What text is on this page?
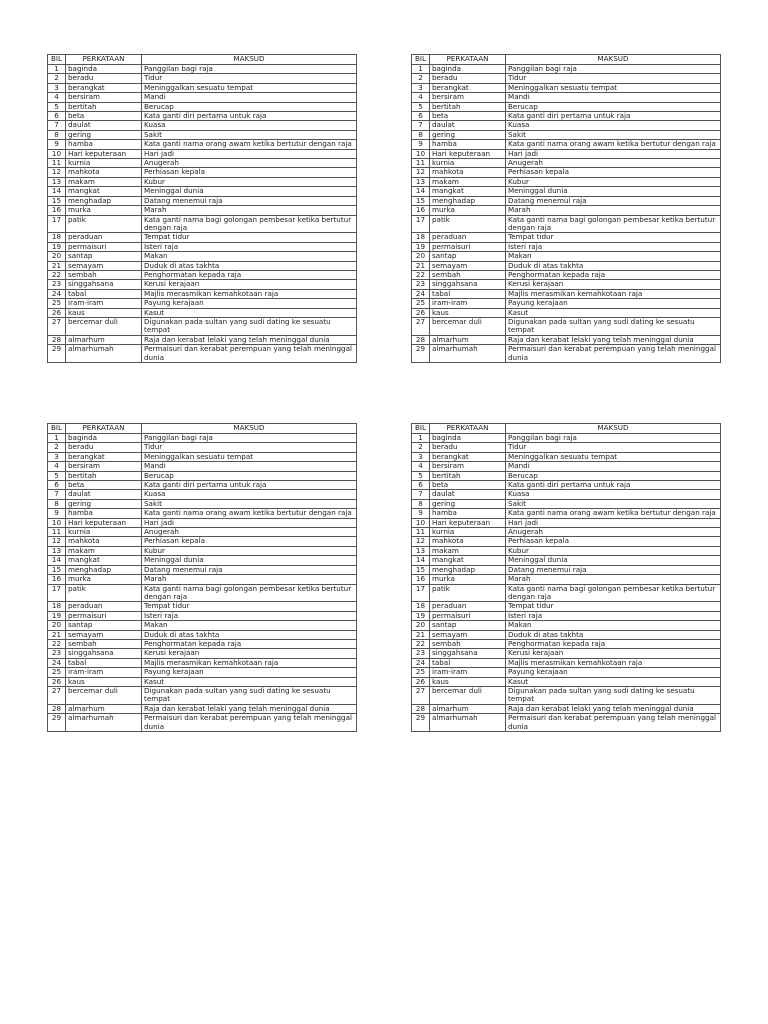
BIL	PERKATAAN	MAKSUD
1	baginda	Panggilan bagi raja
2	beradu	Tidur
3	berangkat	Meninggalkan sesuatu tempat
4	bersiram	Mandi
5	bertitah	Berucap
6	beta	Kata ganti diri pertama untuk raja
7	daulat	Kuasa
8	gering	Sakit
9	hamba	Kata ganti nama orang awam ketika bertutur dengan raja
10	Hari keputeraan	Hari jadi
11	kurnia	Anugerah
12	mahkota	Perhiasan kepala
13	makam	Kubur
14	mangkat	Meninggal dunia
15	menghadap	Datang menemui raja
16	murka	Marah
17	patik	Kata ganti nama bagi golongan pembesar ketika bertutur dengan raja
18	peraduan	Tempat tidur
19	permaisuri	Isteri raja
20	santap	Makan
21	semayam	Duduk di atas takhta
22	sembah	Penghormatan kepada raja
23	singgahsana	Kerusi kerajaan
24	tabal	Majlis merasmikan kemahkotaan raja
25	iram-iram	Payung kerajaan
26	kaus	Kasut
27	bercemar duli	Digunakan pada sultan yang sudi dating ke sesuatu tempat
28	almarhum	Raja dan kerabat lelaki yang telah meninggal dunia
29	almarhumah	Permaisuri dan kerabat perempuan yang telah meninggal dunia
BIL	PERKATAAN	MAKSUD
1	baginda	Panggilan bagi raja
2	beradu	Tidur
3	berangkat	Meninggalkan sesuatu tempat
4	bersiram	Mandi
5	bertitah	Berucap
6	beta	Kata ganti diri pertama untuk raja
7	daulat	Kuasa
8	gering	Sakit
9	hamba	Kata ganti nama orang awam ketika bertutur dengan raja
10	Hari keputeraan	Hari jadi
11	kurnia	Anugerah
12	mahkota	Perhiasan kepala
13	makam	Kubur
14	mangkat	Meninggal dunia
15	menghadap	Datang menemui raja
16	murka	Marah
17	patik	Kata ganti nama bagi golongan pembesar ketika bertutur dengan raja
18	peraduan	Tempat tidur
19	permaisuri	Isteri raja
20	santap	Makan
21	semayam	Duduk di atas takhta
22	sembah	Penghormatan kepada raja
23	singgahsana	Kerusi kerajaan
24	tabal	Majlis merasmikan kemahkotaan raja
25	iram-iram	Payung kerajaan
26	kaus	Kasut
27	bercemar duli	Digunakan pada sultan yang sudi dating ke sesuatu tempat
28	almarhum	Raja dan kerabat lelaki yang telah meninggal dunia
29	almarhumah	Permaisuri dan kerabat perempuan yang telah meninggal dunia
BIL	PERKATAAN	MAKSUD
1	baginda	Panggilan bagi raja
2	beradu	Tidur
3	berangkat	Meninggalkan sesuatu tempat
4	bersiram	Mandi
5	bertitah	Berucap
6	beta	Kata ganti diri pertama untuk raja
7	daulat	Kuasa
8	gering	Sakit
9	hamba	Kata ganti nama orang awam ketika bertutur dengan raja
10	Hari keputeraan	Hari jadi
11	kurnia	Anugerah
12	mahkota	Perhiasan kepala
13	makam	Kubur
14	mangkat	Meninggal dunia
15	menghadap	Datang menemui raja
16	murka	Marah
17	patik	Kata ganti nama bagi golongan pembesar ketika bertutur dengan raja
18	peraduan	Tempat tidur
19	permaisuri	Isteri raja
20	santap	Makan
21	semayam	Duduk di atas takhta
22	sembah	Penghormatan kepada raja
23	singgahsana	Kerusi kerajaan
24	tabal	Majlis merasmikan kemahkotaan raja
25	iram-iram	Payung kerajaan
26	kaus	Kasut
27	bercemar duli	Digunakan pada sultan yang sudi dating ke sesuatu tempat
28	almarhum	Raja dan kerabat lelaki yang telah meninggal dunia
29	almarhumah	Permaisuri dan kerabat perempuan yang telah meninggal dunia
BIL	PERKATAAN	MAKSUD
1	baginda	Panggilan bagi raja
2	beradu	Tidur
3	berangkat	Meninggalkan sesuatu tempat
4	bersiram	Mandi
5	bertitah	Berucap
6	beta	Kata ganti diri pertama untuk raja
7	daulat	Kuasa
8	gering	Sakit
9	hamba	Kata ganti nama orang awam ketika bertutur dengan raja
10	Hari keputeraan	Hari jadi
11	kurnia	Anugerah
12	mahkota	Perhiasan kepala
13	makam	Kubur
14	mangkat	Meninggal dunia
15	menghadap	Datang menemui raja
16	murka	Marah
17	patik	Kata ganti nama bagi golongan pembesar ketika bertutur dengan raja
18	peraduan	Tempat tidur
19	permaisuri	Isteri raja
20	santap	Makan
21	semayam	Duduk di atas takhta
22	sembah	Penghormatan kepada raja
23	singgahsana	Kerusi kerajaan
24	tabal	Majlis merasmikan kemahkotaan raja
25	iram-iram	Payung kerajaan
26	kaus	Kasut
27	bercemar duli	Digunakan pada sultan yang sudi dating ke sesuatu tempat
28	almarhum	Raja dan kerabat lelaki yang telah meninggal dunia
29	almarhumah	Permaisuri dan kerabat perempuan yang telah meninggal dunia
